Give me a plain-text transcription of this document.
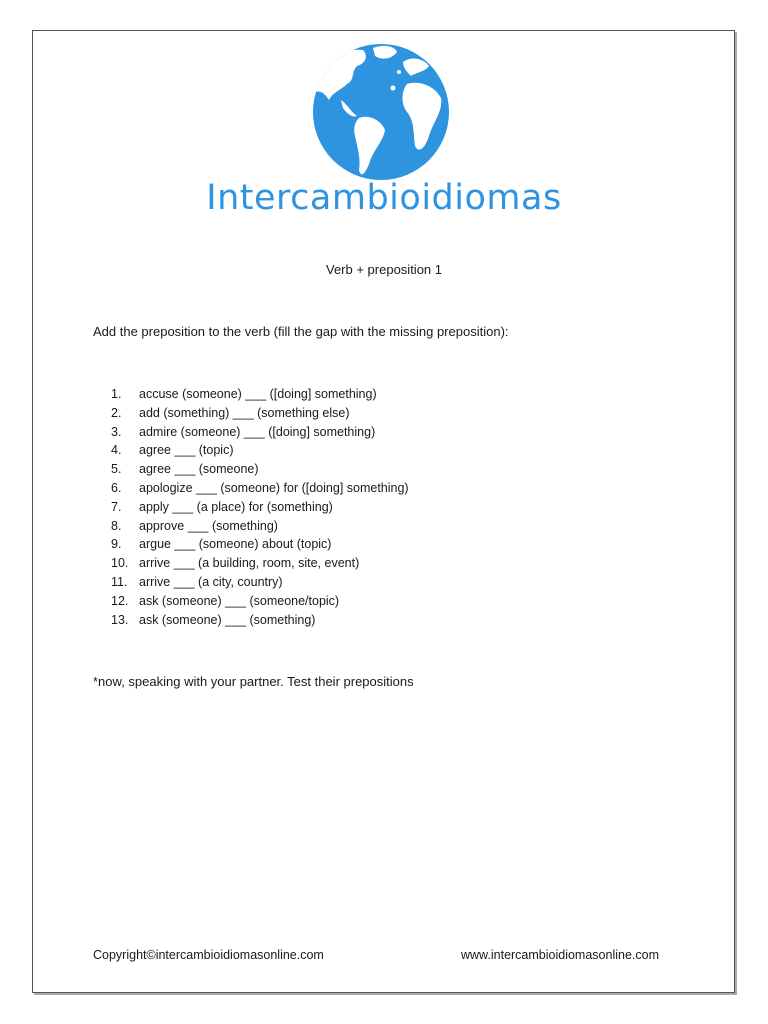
Intercambioidiomas
Verb + preposition 1
Add the preposition to the verb (fill the gap with the missing preposition):
1. accuse (someone) ___ ([doing] something)
2. add (something) ___ (something else)
3. admire (someone) ___ ([doing] something)
4. agree ___ (topic)
5. agree ___ (someone)
6. apologize ___ (someone) for ([doing] something)
7. apply ___ (a place) for (something)
8. approve ___ (something)
9. argue ___ (someone) about (topic)
10. arrive ___ (a building, room, site, event)
11. arrive ___ (a city, country)
12. ask (someone) ___ (someone/topic)
13. ask (someone) ___ (something)
*now, speaking with your partner. Test their prepositions
Copyright©intercambioidiomasonline.com	www.intercambioidiomasonline.com
